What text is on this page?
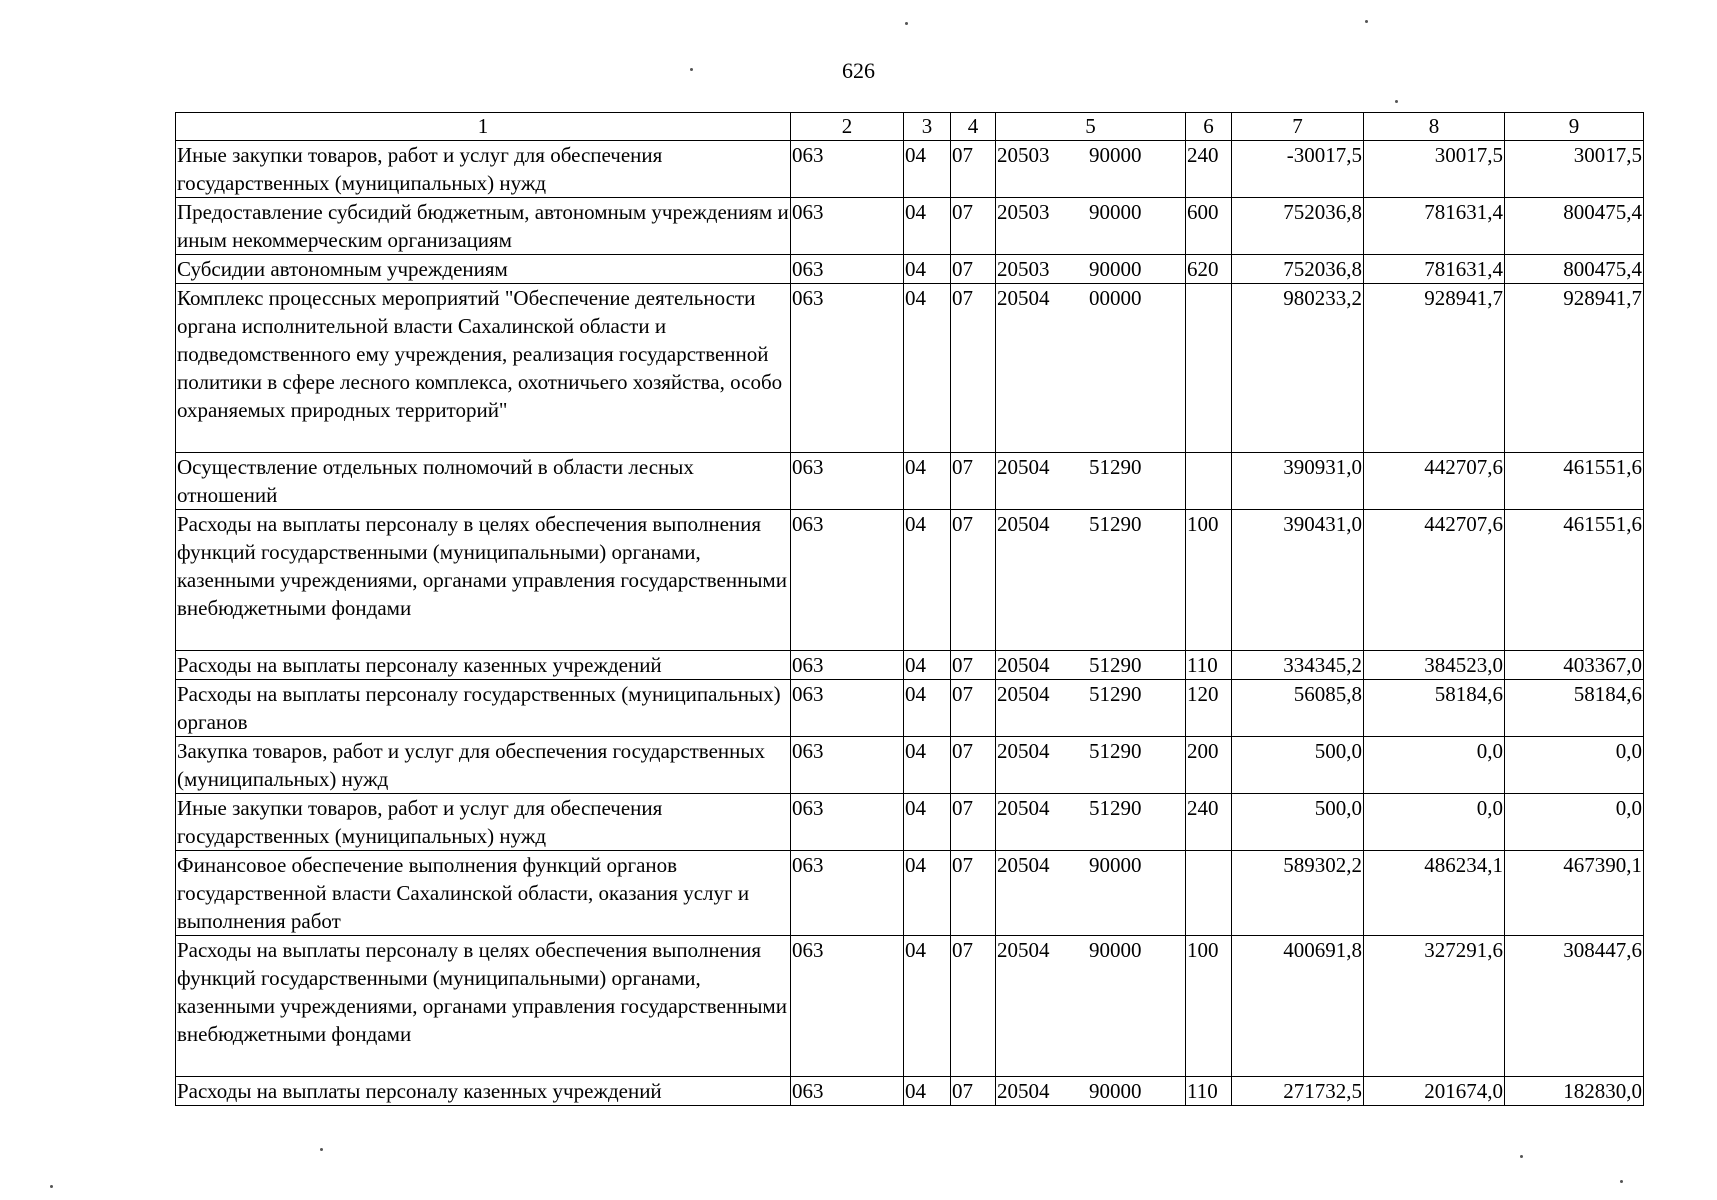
626
1	2	3	4	5	6	7	8	9
Иные закупки товаров, работ и услуг для обеспечения государственных (муниципальных) нужд	063	04	07	20503 90000	240	-30017,5	30017,5	30017,5
Предоставление субсидий бюджетным, автономным учреждениям и иным некоммерческим организациям	063	04	07	20503 90000	600	752036,8	781631,4	800475,4
Субсидии автономным учреждениям	063	04	07	20503 90000	620	752036,8	781631,4	800475,4
Комплекс процессных мероприятий "Обеспечение деятельности органа исполнительной власти Сахалинской области и подведомственного ему учреждения, реализация государственной политики в сфере лесного комплекса, охотничьего хозяйства, особо охраняемых природных территорий"	063	04	07	20504 00000		980233,2	928941,7	928941,7
Осуществление отдельных полномочий в области лесных отношений	063	04	07	20504 51290		390931,0	442707,6	461551,6
Расходы на выплаты персоналу в целях обеспечения выполнения функций государственными (муниципальными) органами, казенными учреждениями, органами управления государственными внебюджетными фондами	063	04	07	20504 51290	100	390431,0	442707,6	461551,6
Расходы на выплаты персоналу казенных учреждений	063	04	07	20504 51290	110	334345,2	384523,0	403367,0
Расходы на выплаты персоналу государственных (муниципальных) органов	063	04	07	20504 51290	120	56085,8	58184,6	58184,6
Закупка товаров, работ и услуг для обеспечения государственных (муниципальных) нужд	063	04	07	20504 51290	200	500,0	0,0	0,0
Иные закупки товаров, работ и услуг для обеспечения государственных (муниципальных) нужд	063	04	07	20504 51290	240	500,0	0,0	0,0
Финансовое обеспечение выполнения функций органов государственной власти Сахалинской области, оказания услуг и выполнения работ	063	04	07	20504 90000		589302,2	486234,1	467390,1
Расходы на выплаты персоналу в целях обеспечения выполнения функций государственными (муниципальными) органами, казенными учреждениями, органами управления государственными внебюджетными фондами	063	04	07	20504 90000	100	400691,8	327291,6	308447,6
Расходы на выплаты персоналу казенных учреждений	063	04	07	20504 90000	110	271732,5	201674,0	182830,0
